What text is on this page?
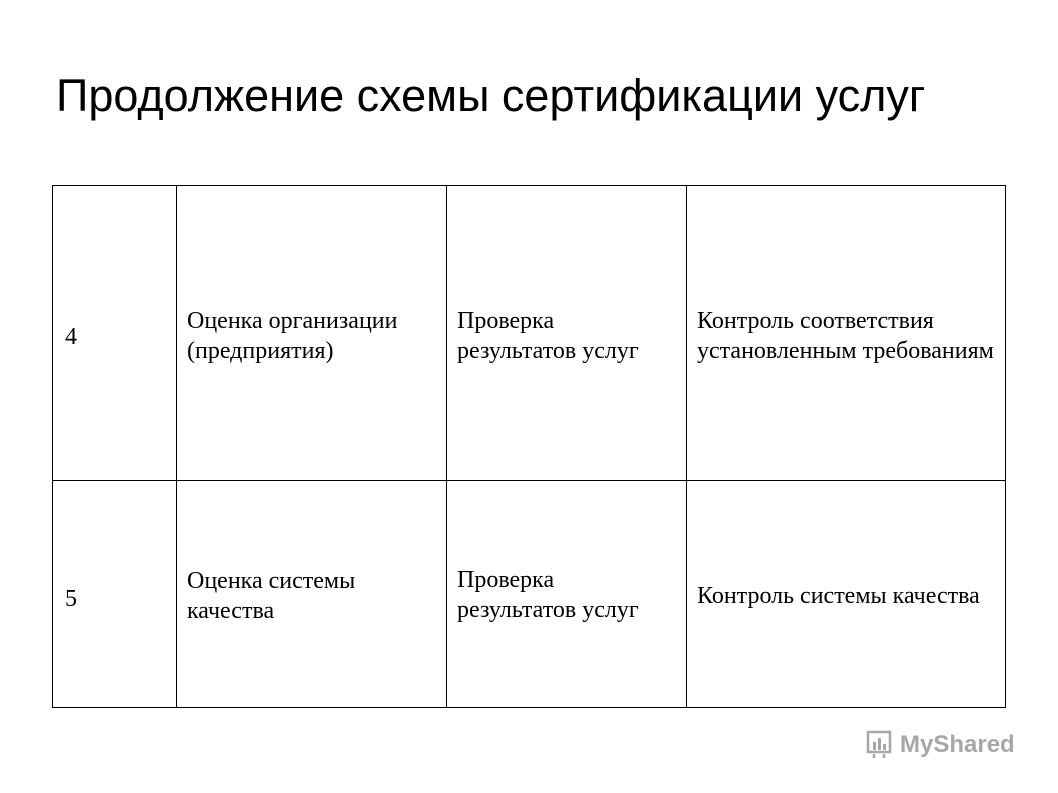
Продолжение схемы сертификации услуг
4	Оценка организации (предприятия)	Проверка результатов услуг	Контроль соответствия установленным требованиям

5	Оценка системы качества	Проверка результатов услуг	Контроль системы качества
MyShared
